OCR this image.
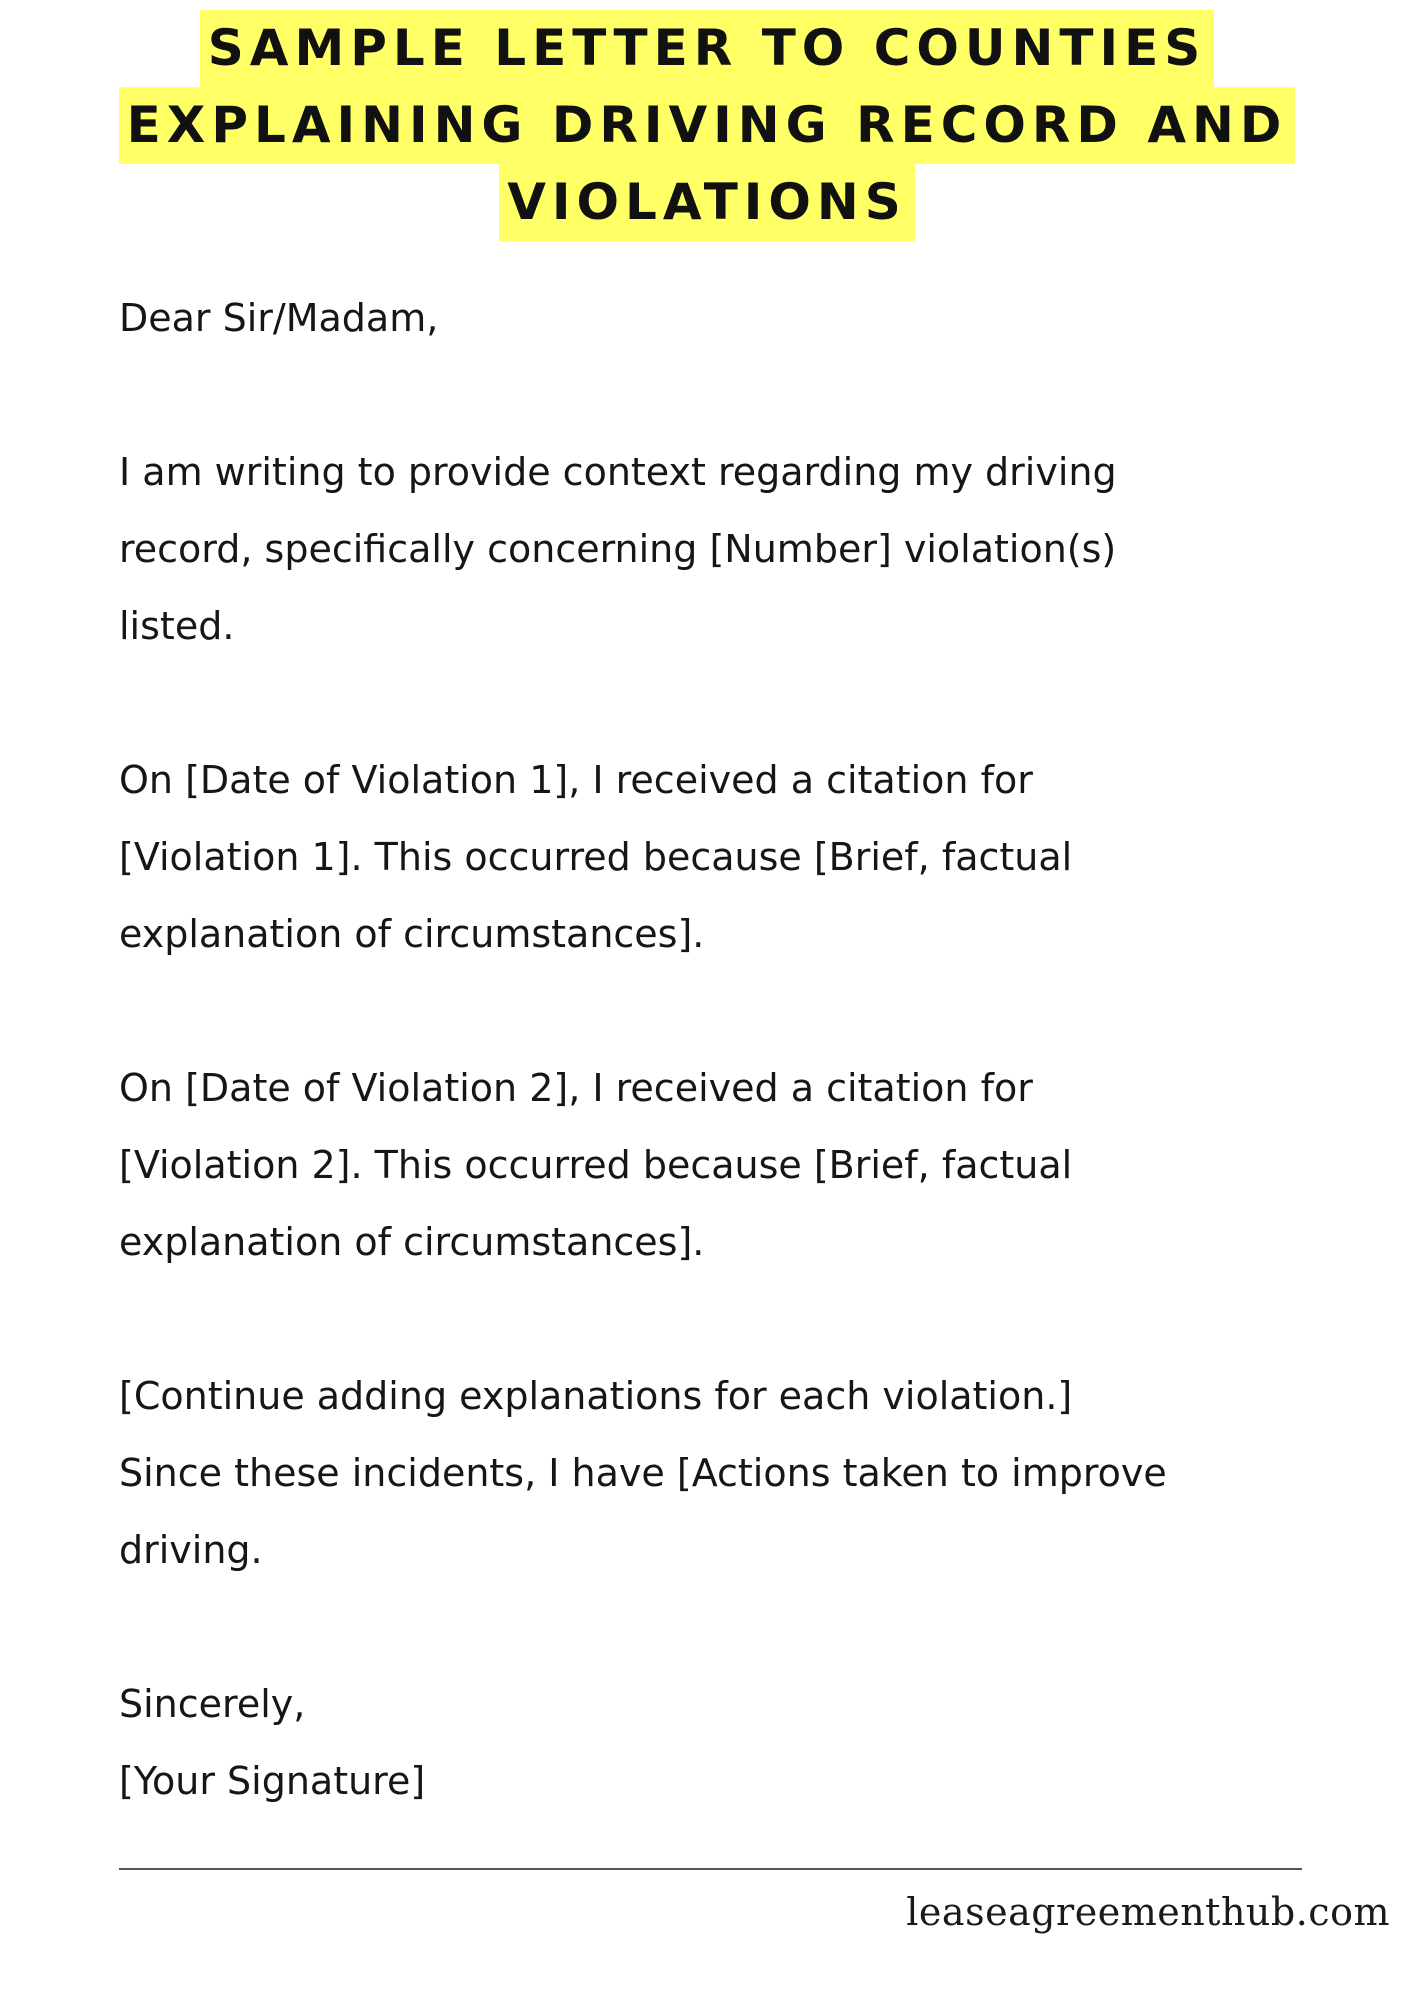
SAMPLE LETTER TO COUNTIES
EXPLAINING DRIVING RECORD AND
VIOLATIONS

Dear Sir/Madam,

I am writing to provide context regarding my driving

record, specifically concerning [Number] violation(s)

listed.

On [Date of Violation 1], I received a citation for

[Violation 1]. This occurred because [Brief, factual

explanation of circumstances].

On [Date of Violation 2], I received a citation for

[Violation 2]. This occurred because [Brief, factual

explanation of circumstances].

[Continue adding explanations for each violation.]

Since these incidents, I have [Actions taken to improve

driving.

Sincerely,

[Your Signature]

leaseagreementhub.com
